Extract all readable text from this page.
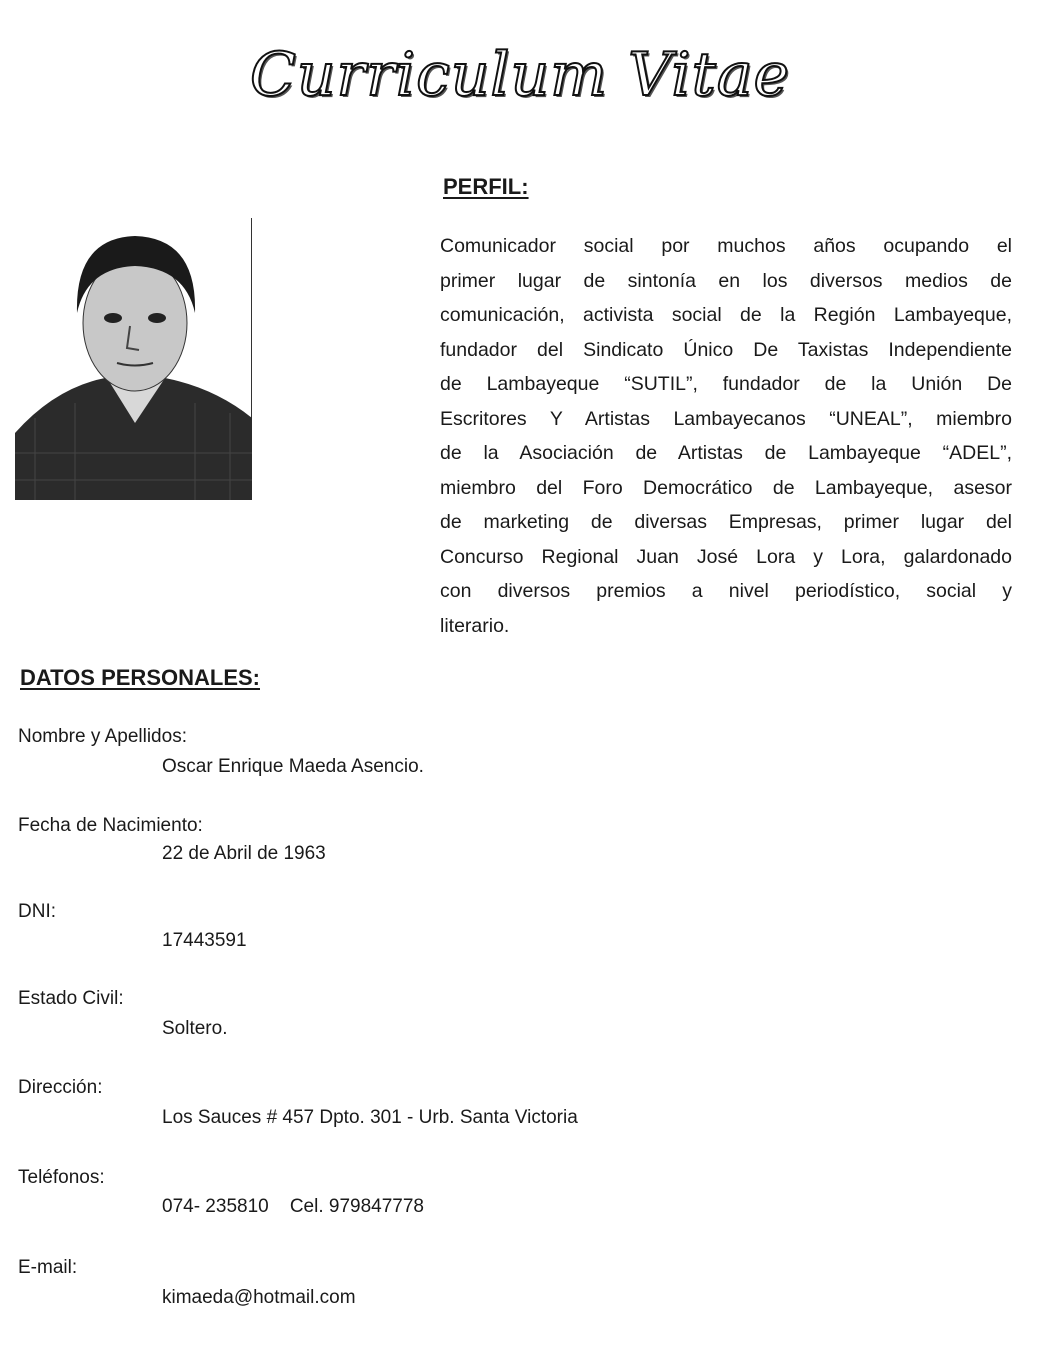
Curriculum Vitae
PERFIL:
Comunicador social por muchos años ocupando el
primer lugar de sintonía en los diversos medios de
comunicación, activista social de la Región Lambayeque,
fundador del Sindicato Único De Taxistas Independiente
de Lambayeque “SUTIL”, fundador de la Unión De
Escritores Y Artistas Lambayecanos “UNEAL”, miembro
de la Asociación de Artistas de Lambayeque “ADEL”,
miembro del Foro Democrático de Lambayeque, asesor
de marketing de diversas Empresas, primer lugar del
Concurso Regional Juan José Lora y Lora, galardonado
con diversos premios a nivel periodístico, social y
literario.
DATOS PERSONALES:
Nombre y Apellidos:
Oscar Enrique Maeda Asencio.
Fecha de Nacimiento:
22 de Abril de 1963
DNI:
17443591
Estado Civil:
Soltero.
Dirección:
Los Sauces # 457 Dpto. 301 - Urb. Santa Victoria
Teléfonos:
074- 235810    Cel. 979847778
E-mail:
kimaeda@hotmail.com
